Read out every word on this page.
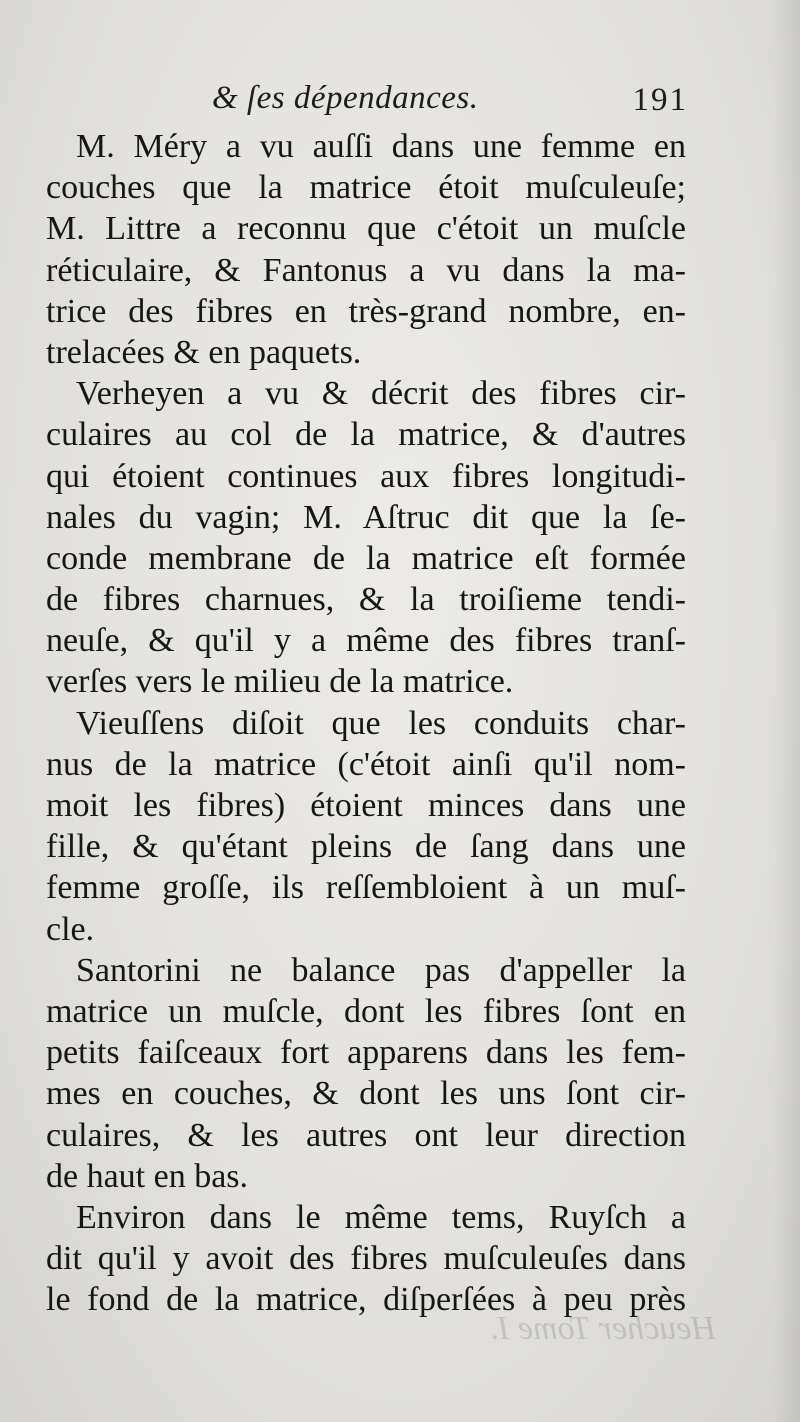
Heucher Tome I.
& ſes dépendances.	191
M. Méry a vu auſſi dans une femme en
couches que la matrice étoit muſculeuſe;
M. Littre a reconnu que c'étoit un muſcle
réticulaire, & Fantonus a vu dans la ma-
trice des fibres en très-grand nombre, en-
trelacées & en paquets.
Verheyen a vu & décrit des fibres cir-
culaires au col de la matrice, & d'autres
qui étoient continues aux fibres longitudi-
nales du vagin; M. Aſtruc dit que la ſe-
conde membrane de la matrice eſt formée
de fibres charnues, & la troiſieme tendi-
neuſe, & qu'il y a même des fibres tranſ-
verſes vers le milieu de la matrice.
Vieuſſens diſoit que les conduits char-
nus de la matrice (c'étoit ainſi qu'il nom-
moit les fibres) étoient minces dans une
fille, & qu'étant pleins de ſang dans une
femme groſſe, ils reſſembloient à un muſ-
cle.
Santorini ne balance pas d'appeller la
matrice un muſcle, dont les fibres ſont en
petits faiſceaux fort apparens dans les fem-
mes en couches, & dont les uns ſont cir-
culaires, & les autres ont leur direction
de haut en bas.
Environ dans le même tems, Ruyſch a
dit qu'il y avoit des fibres muſculeuſes dans
le fond de la matrice, diſperſées à peu près
